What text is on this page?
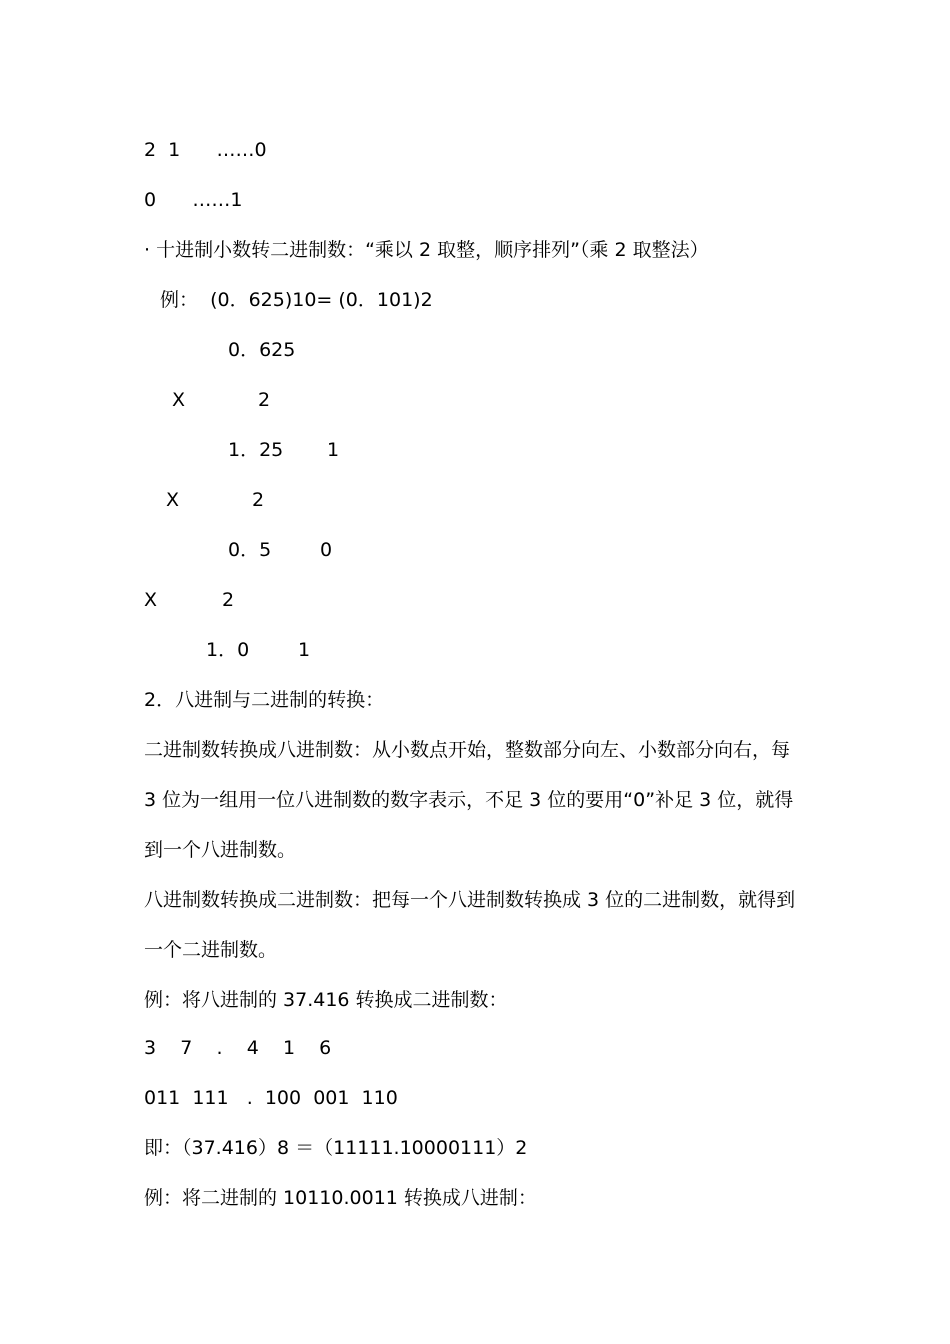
2  1      ……0
0      ……1
· 十进制小数转二进制数：“乘以 2 取整，顺序排列”（乘 2 取整法）
例：  (0．625)10= (0．101)2
0．625
X	2
1．25 1
X	2
0．5	0
X	2
1．0	1
2．八进制与二进制的转换：
二进制数转换成八进制数：从小数点开始，整数部分向左、小数部分向右，每
3 位为一组用一位八进制数的数字表示，不足 3 位的要用“0”补足 3 位，就得
到一个八进制数。
八进制数转换成二进制数：把每一个八进制数转换成 3 位的二进制数，就得到
一个二进制数。
例：将八进制的 37.416 转换成二进制数：
3    7    .    4    1    6
011  111   .  100  001  110
即：（37.416）8 ＝（11111.10000111）2
例：将二进制的 10110.0011 转换成八进制：
